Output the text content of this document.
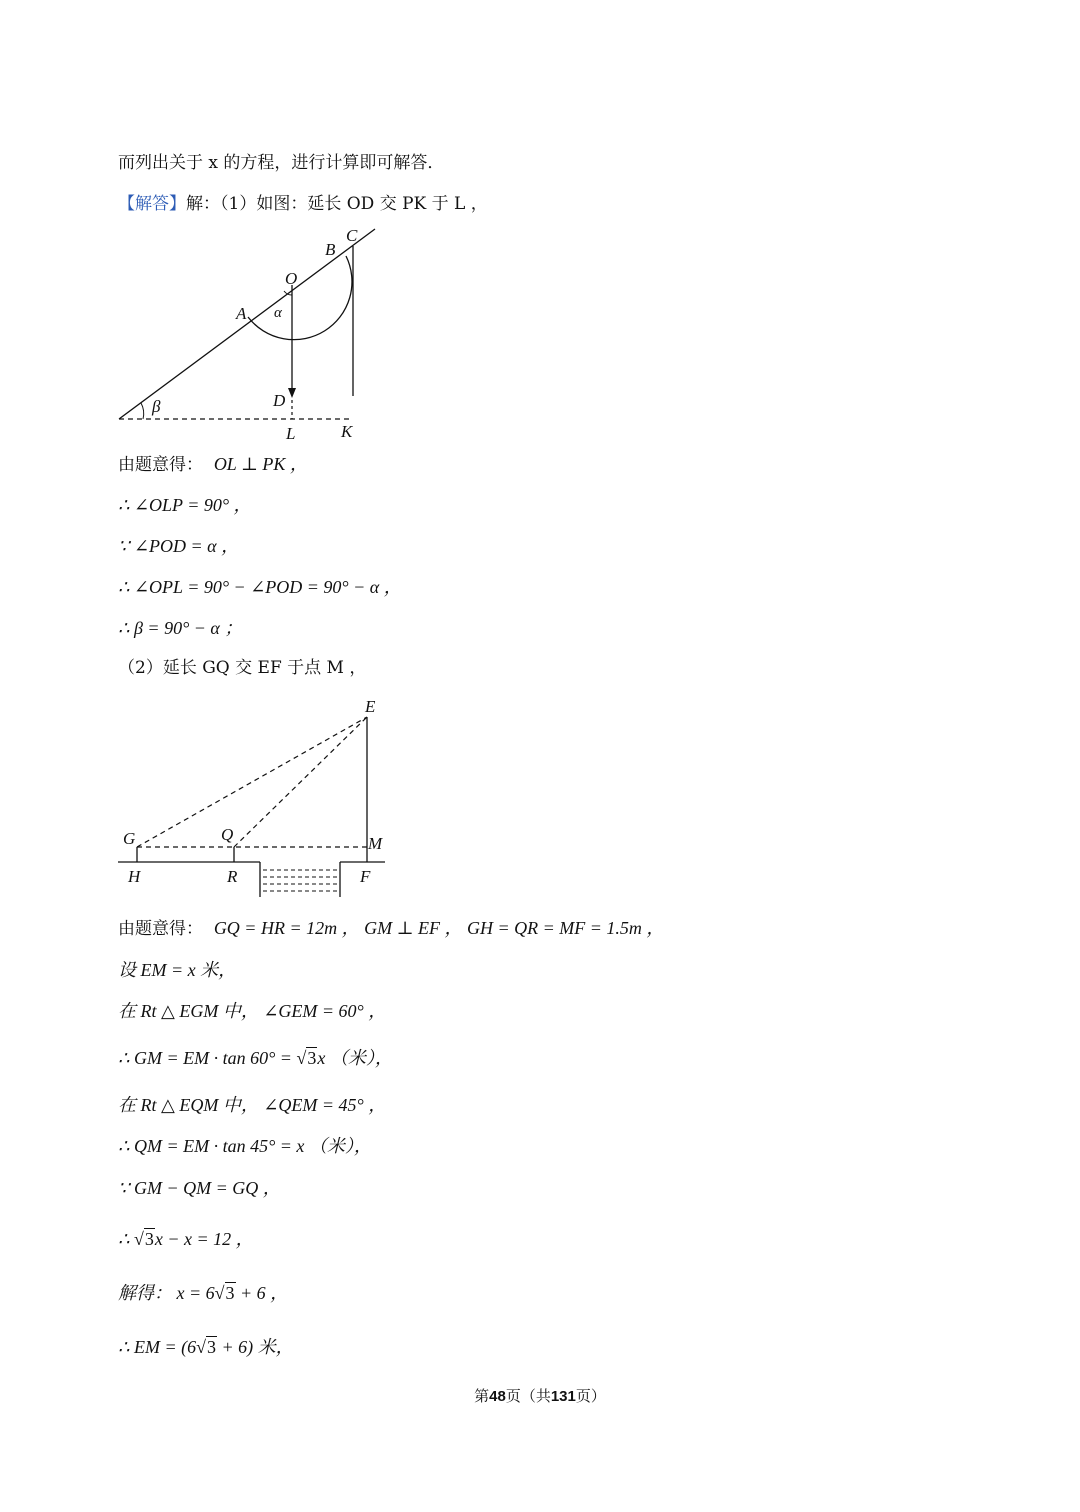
而列出关于 x 的方程，进行计算即可解答．
【解答】解：（1）如图：延长 OD 交 PK 于 L ，
A
B
C
O
α
β	D
L	K
由题意得： OL ⊥ PK ，
∴ ∠OLP = 90° ，
∵ ∠POD = α ，
∴ ∠OPL = 90° − ∠POD = 90° − α ，
∴ β = 90° − α ；
（2）延长 GQ 交 EF 于点 M ，
E
G	Q	M
H	R	F
由题意得： GQ = HR = 12m ， GM ⊥ EF ， GH = QR = MF = 1.5m ，
设 EM = x 米，
在 Rt △ EGM 中， ∠GEM = 60° ，
∴ GM = EM · tan 60° = √3x （米），
在 Rt △ EQM 中， ∠QEM = 45° ，
∴ QM = EM · tan 45° = x （米），
∵ GM − QM = GQ ，
∴ √3x − x = 12 ，
解得： x = 6√3 + 6 ，
∴ EM = (6√3 + 6) 米，
第48页（共131页）
